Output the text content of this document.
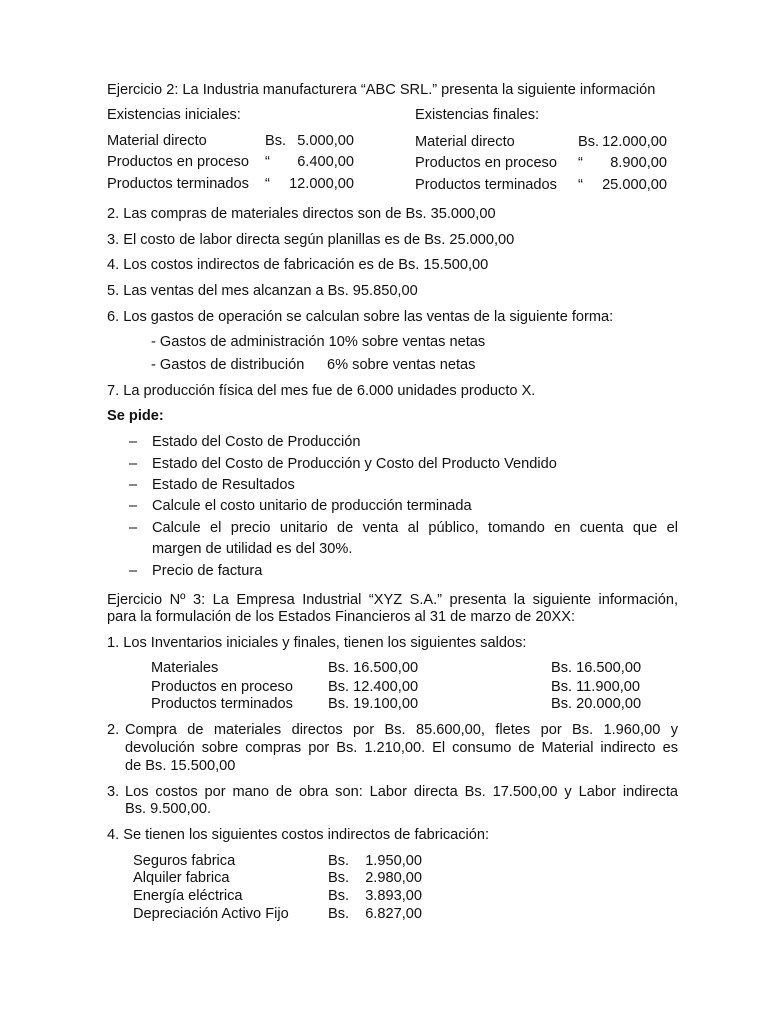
Ejercicio 2: La Industria manufacturera “ABC SRL.” presenta la siguiente información
Existencias iniciales:	Existencias finales:
Material directo	Bs. 5.000,00
Productos en proceso “	6.400,00
Productos terminados “ 12.000,00
Material directo	Bs. 12.000,00
Productos en proceso “	8.900,00
Productos terminados “	25.000,00
2. Las compras de materiales directos son de Bs. 35.000,00
3. El costo de labor directa según planillas es de Bs. 25.000,00
4. Los costos indirectos de fabricación es de Bs. 15.500,00
5. Las ventas del mes alcanzan a Bs. 95.850,00
6. Los gastos de operación se calculan sobre las ventas de la siguiente forma:
- Gastos de administración 10% sobre ventas netas
- Gastos de distribución 6% sobre ventas netas
7. La producción física del mes fue de 6.000 unidades producto X.
Se pide:
– Estado del Costo de Producción
– Estado del Costo de Producción y Costo del Producto Vendido
– Estado de Resultados
– Calcule el costo unitario de producción terminada
– Calcule el precio unitario de venta al público, tomando en cuenta que el
margen de utilidad es del 30%.
– Precio de factura
Ejercicio Nº 3: La Empresa Industrial “XYZ S.A.” presenta la siguiente información,
para la formulación de los Estados Financieros al 31 de marzo de 20XX:
1. Los Inventarios iniciales y finales, tienen los siguientes saldos:
Materiales	Bs. 16.500,00	Bs. 16.500,00
Productos en proceso Bs. 12.400,00	Bs. 11.900,00
Productos terminados Bs. 19.100,00	Bs. 20.000,00
2. Compra de materiales directos por Bs. 85.600,00, fletes por Bs. 1.960,00 y
devolución sobre compras por Bs. 1.210,00. El consumo de Material indirecto es
de Bs. 15.500,00
3. Los costos por mano de obra son: Labor directa Bs. 17.500,00 y Labor indirecta
Bs. 9.500,00.
4. Se tienen los siguientes costos indirectos de fabricación:
Seguros fabrica	Bs.	1.950,00
Alquiler fabrica	Bs.	2.980,00
Energía eléctrica	Bs.	3.893,00
Depreciación Activo Fijo	Bs.	6.827,00
